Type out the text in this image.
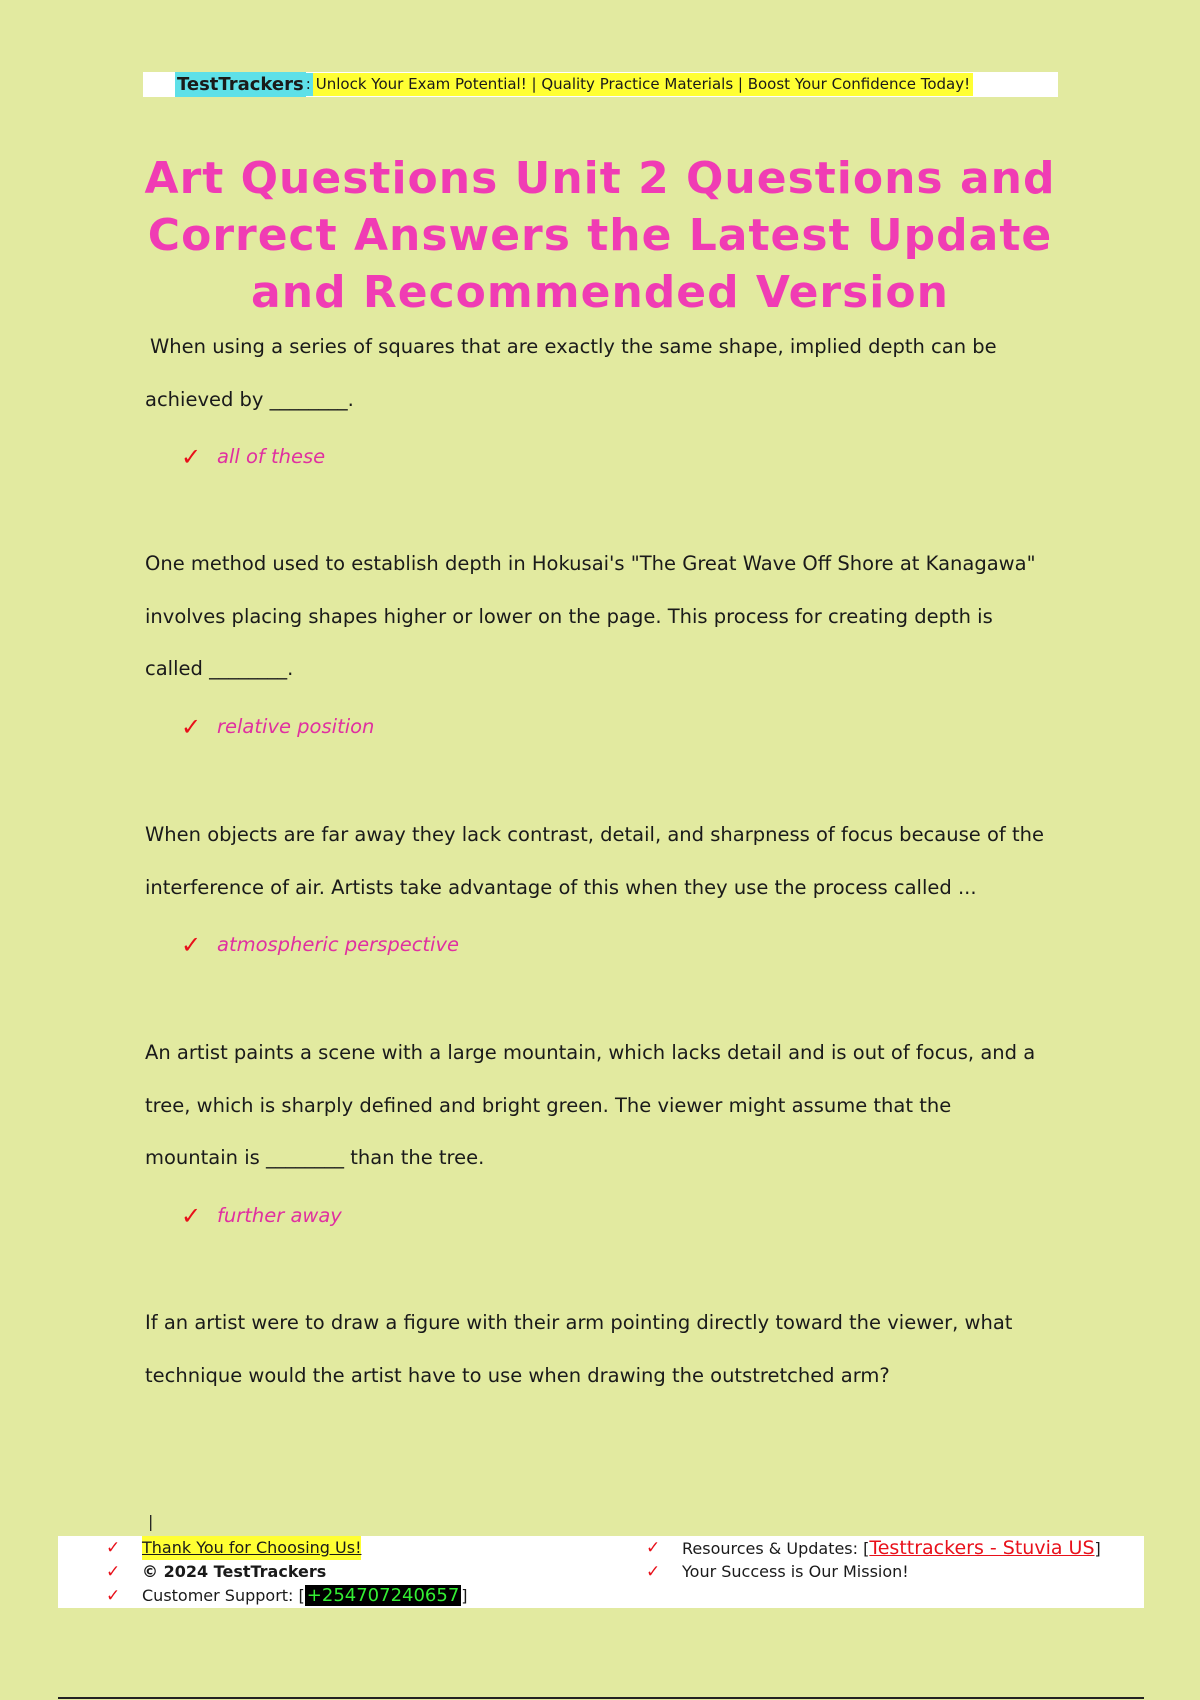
TestTrackers : Unlock Your Exam Potential! | Quality Practice Materials | Boost Your Confidence Today!
Art Questions Unit 2 Questions and Correct Answers the Latest Update and Recommended Version

When using a series of squares that are exactly the same shape, implied depth can be achieved by ________.

✓ all of these

One method used to establish depth in Hokusai's "The Great Wave Off Shore at Kanagawa" involves placing shapes higher or lower on the page. This process for creating depth is called ________.

✓ relative position

When objects are far away they lack contrast, detail, and sharpness of focus because of the interference of air. Artists take advantage of this when they use the process called ...

✓ atmospheric perspective

An artist paints a scene with a large mountain, which lacks detail and is out of focus, and a tree, which is sharply defined and bright green. The viewer might assume that the mountain is ________ than the tree.

✓ further away

If an artist were to draw a figure with their arm pointing directly toward the viewer, what technique would the artist have to use when drawing the outstretched arm?

|
✓ Thank You for Choosing Us!
✓ © 2024 TestTrackers
✓ Customer Support: [ +254707240657 ]
✓ Resources & Updates: [Testtrackers - Stuvia US]
✓ Your Success is Our Mission!
